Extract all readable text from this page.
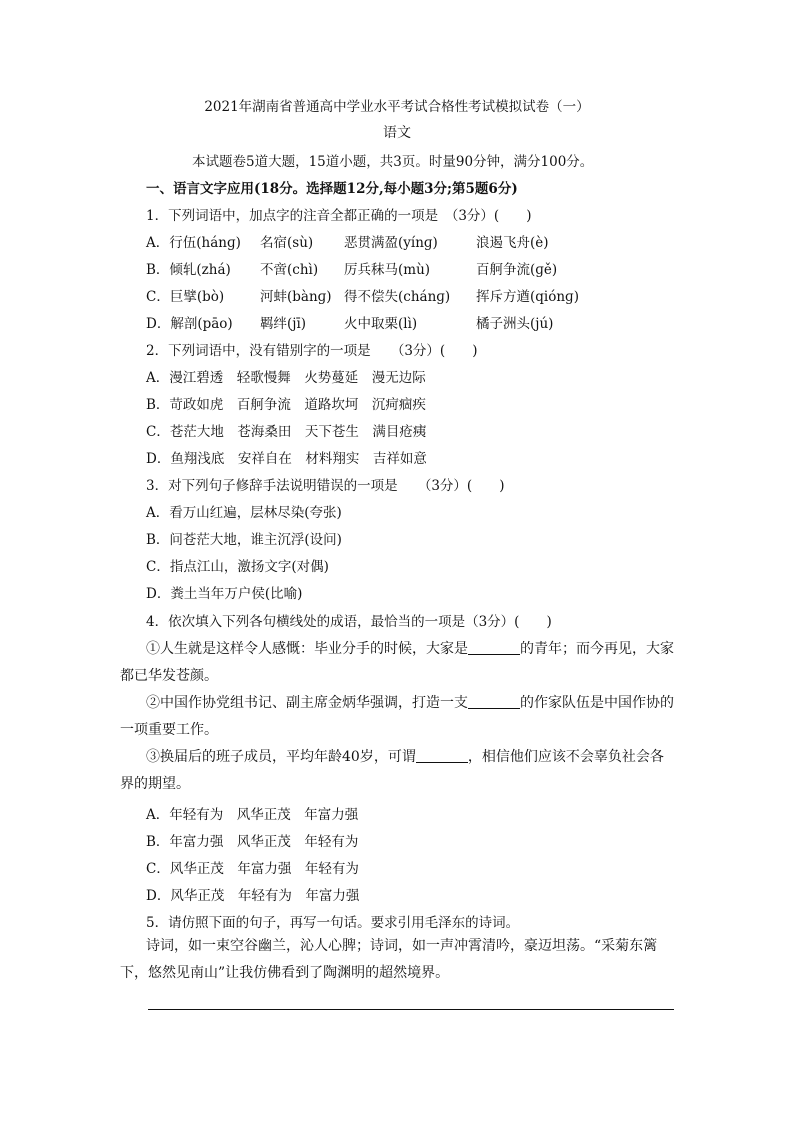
2021年湖南省普通高中学业水平考试合格性考试模拟试卷（一）
语文
本试题卷5道大题，15道小题，共3页。时量90分钟，满分100分。
一、语言文字应用(18分。选择题12分,每小题3分;第5题6分)
1．下列词语中，加点字的注音全都正确的一项是　（3分）(　　)
A．行伍(hánɡ) 名宿(sù) 恶贯满盈(yínɡ)	浪遏飞舟(è)
B．倾轧(zhá) 不啻(chì) 厉兵秣马(mù)	百舸争流(ɡě)
C．巨擘(bò)	河蚌(bànɡ) 得不偿失(chánɡ) 挥斥方遒(qiónɡ)
D．解剖(pāo) 羁绊(jī)	火中取栗(lì)	橘子洲头(jú)
2．下列词语中，没有错别字的一项是　　（3分）(　　)
A．漫江碧透　轻歌慢舞　火势蔓延　漫无边际
B．苛政如虎　百舸争流　道路坎坷　沉疴痼疾
C．苍茫大地　苍海桑田　天下苍生　满目疮痍
D．鱼翔浅底　安祥自在　材料翔实　吉祥如意
3．对下列句子修辞手法说明错误的一项是　　（3分）(　　)
A．看万山红遍，层林尽染(夸张)
B．问苍茫大地，谁主沉浮(设问)
C．指点江山，激扬文字(对偶)
D．粪土当年万户侯(比喻)
4．依次填入下列各句横线处的成语，最恰当的一项是（3分）(　　)
①人生就是这样令人感慨：毕业分手的时候，大家是	的青年；而今再见，大家都已华发苍颜。
②中国作协党组书记、副主席金炳华强调，打造一支	的作家队伍是中国作协的一项重要工作。
③换届后的班子成员，平均年龄40岁，可谓	，相信他们应该不会辜负社会各界的期望。
A．年轻有为　风华正茂　年富力强
B．年富力强　风华正茂　年轻有为
C．风华正茂　年富力强　年轻有为
D．风华正茂　年轻有为　年富力强
5．请仿照下面的句子，再写一句话。要求引用毛泽东的诗词。
诗词，如一束空谷幽兰，沁人心脾；诗词，如一声冲霄清吟，豪迈坦荡。“采菊东篱下，悠然见南山”让我仿佛看到了陶渊明的超然境界。
